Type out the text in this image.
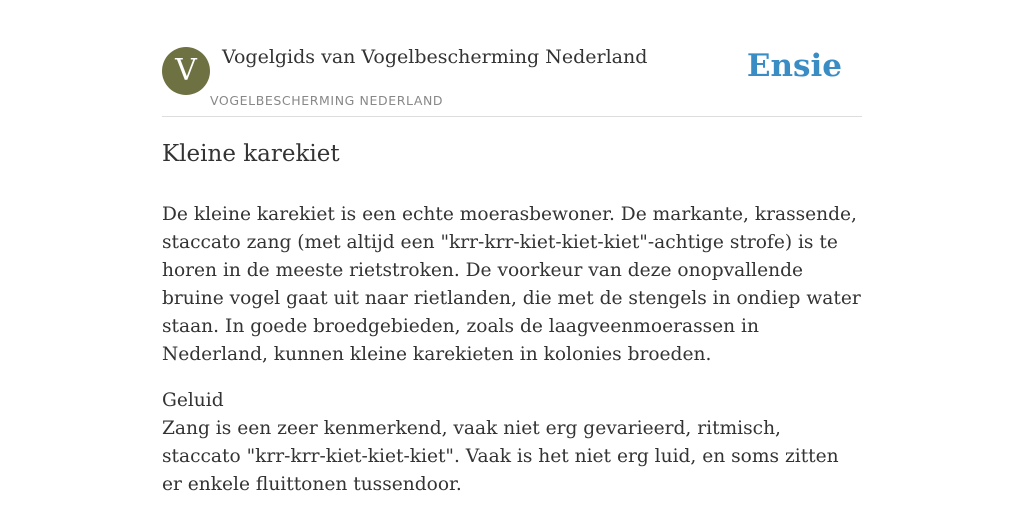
V	Vogelgids van Vogelbescherming Nederland
VOGELBESCHERMING NEDERLAND
Ensie
Kleine karekiet

De kleine karekiet is een echte moerasbewoner. De markante, krassende, staccato zang (met altijd een "krr-krr-kiet-kiet-kiet"-achtige strofe) is te horen in de meeste rietstroken. De voorkeur van deze onopvallende bruine vogel gaat uit naar rietlanden, die met de stengels in ondiep water staan. In goede broedgebieden, zoals de laagveenmoerassen in Nederland, kunnen kleine karekieten in kolonies broeden.

Geluid

Zang is een zeer kenmerkend, vaak niet erg gevarieerd, ritmisch, staccato "krr-krr-kiet-kiet-kiet". Vaak is het niet erg luid, en soms zitten er enkele fluittonen tussendoor.
